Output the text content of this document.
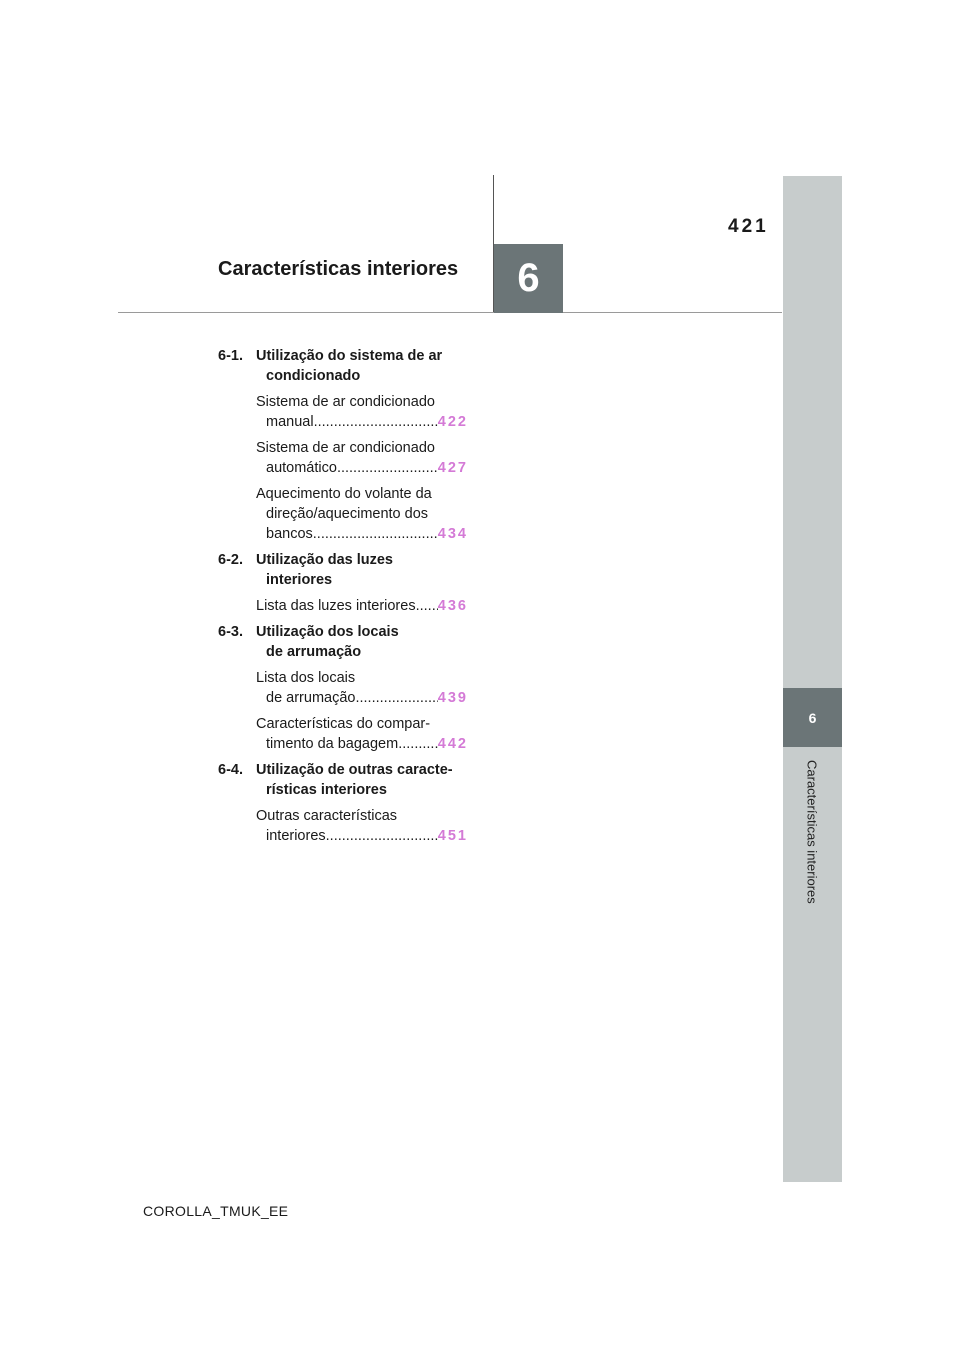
6
421
Características interiores
6
Características interiores
6-1. Utilização do sistema de ar
condicionado
Sistema de ar condicionado
manual .....	422
Sistema de ar condicionado
automático .....	427
Aquecimento do volante da
direção/aquecimento dos
bancos .....	434
6-2. Utilização das luzes
interiores
Lista das luzes interiores ..... 436
6-3. Utilização dos locais
de arrumação
Lista dos locais
de arrumação .....	439
Características do compar-
timento da bagagem .....	442
6-4. Utilização de outras caracte-
rísticas interiores
Outras características
interiores .....	451
COROLLA_TMUK_EE
